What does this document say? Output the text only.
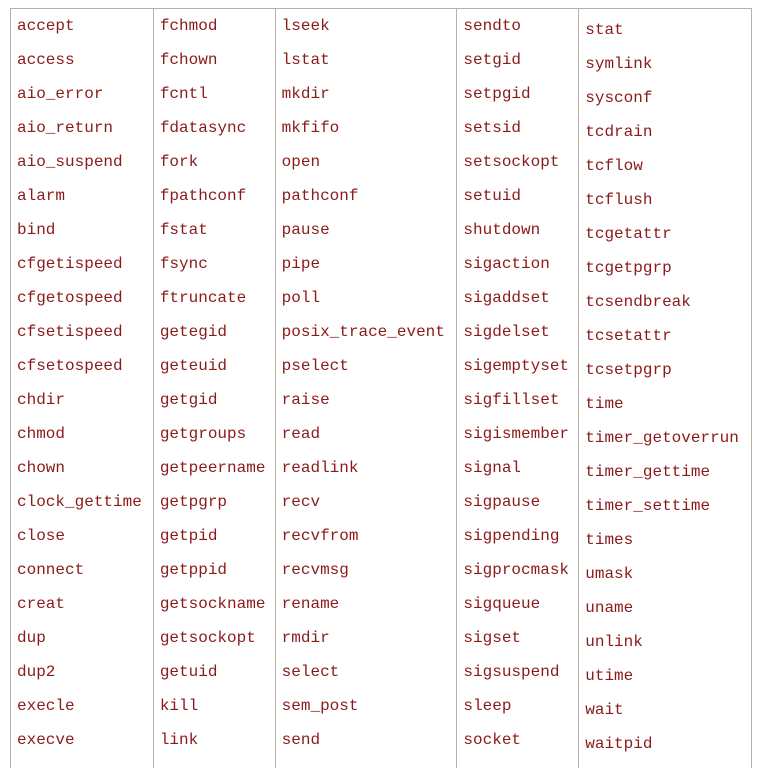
accept
access
aio_error
aio_return
aio_suspend
alarm
bind
cfgetispeed
cfgetospeed
cfsetispeed
cfsetospeed
chdir
chmod
chown
clock_gettime
close
connect
creat
dup
dup2
execle
execve
fchmod
fchown
fcntl
fdatasync
fork
fpathconf
fstat
fsync
ftruncate
getegid
geteuid
getgid
getgroups
getpeername
getpgrp
getpid
getppid
getsockname
getsockopt
getuid
kill
link
lseek
lstat
mkdir
mkfifo
open
pathconf
pause
pipe
poll
posix_trace_event
pselect
raise
read
readlink
recv
recvfrom
recvmsg
rename
rmdir
select
sem_post
send
sendto
setgid
setpgid
setsid
setsockopt
setuid
shutdown
sigaction
sigaddset
sigdelset
sigemptyset
sigfillset
sigismember
signal
sigpause
sigpending
sigprocmask
sigqueue
sigset
sigsuspend
sleep
socket
stat
symlink
sysconf
tcdrain
tcflow
tcflush
tcgetattr
tcgetpgrp
tcsendbreak
tcsetattr
tcsetpgrp
time
timer_getoverrun
timer_gettime
timer_settime
times
umask
uname
unlink
utime
wait
waitpid
